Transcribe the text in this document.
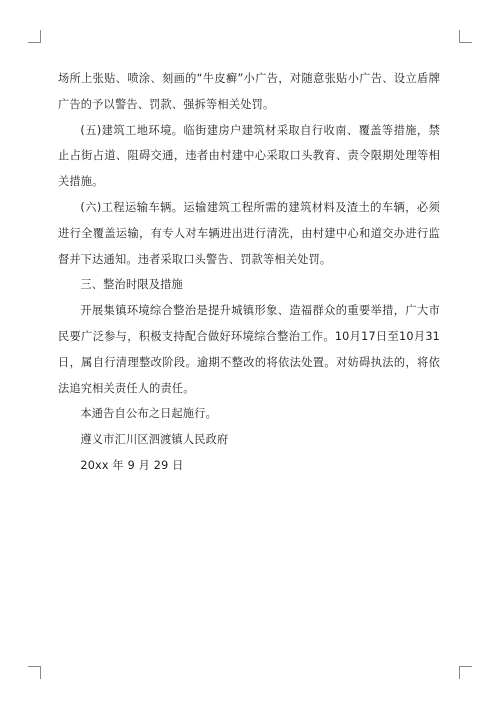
场所上张贴、喷涂、刻画的“牛皮癣”小广告，对随意张贴小广告、设立盾牌广告的予以警告、罚款、强拆等相关处罚。

(五)建筑工地环境。临街建房户建筑材采取自行收南、覆盖等措施，禁止占街占道、阻碍交通，违者由村建中心采取口头教育、责令限期处理等相关措施。

(六)工程运输车辆。运输建筑工程所需的建筑材料及渣土的车辆，必须进行全覆盖运输，有专人对车辆进出进行清洗，由村建中心和道交办进行监督并下达通知。违者采取口头警告、罚款等相关处罚。

三、整治时限及措施

开展集镇环境综合整治是提升城镇形象、造福群众的重要举措，广大市民要广泛参与，积极支持配合做好环境综合整治工作。10月17日至10月31日，属自行清理整改阶段。逾期不整改的将依法处置。对妨碍执法的，将依法追究相关责任人的责任。

本通告自公布之日起施行。

遵义市汇川区泗渡镇人民政府

20xx 年 9 月 29 日
